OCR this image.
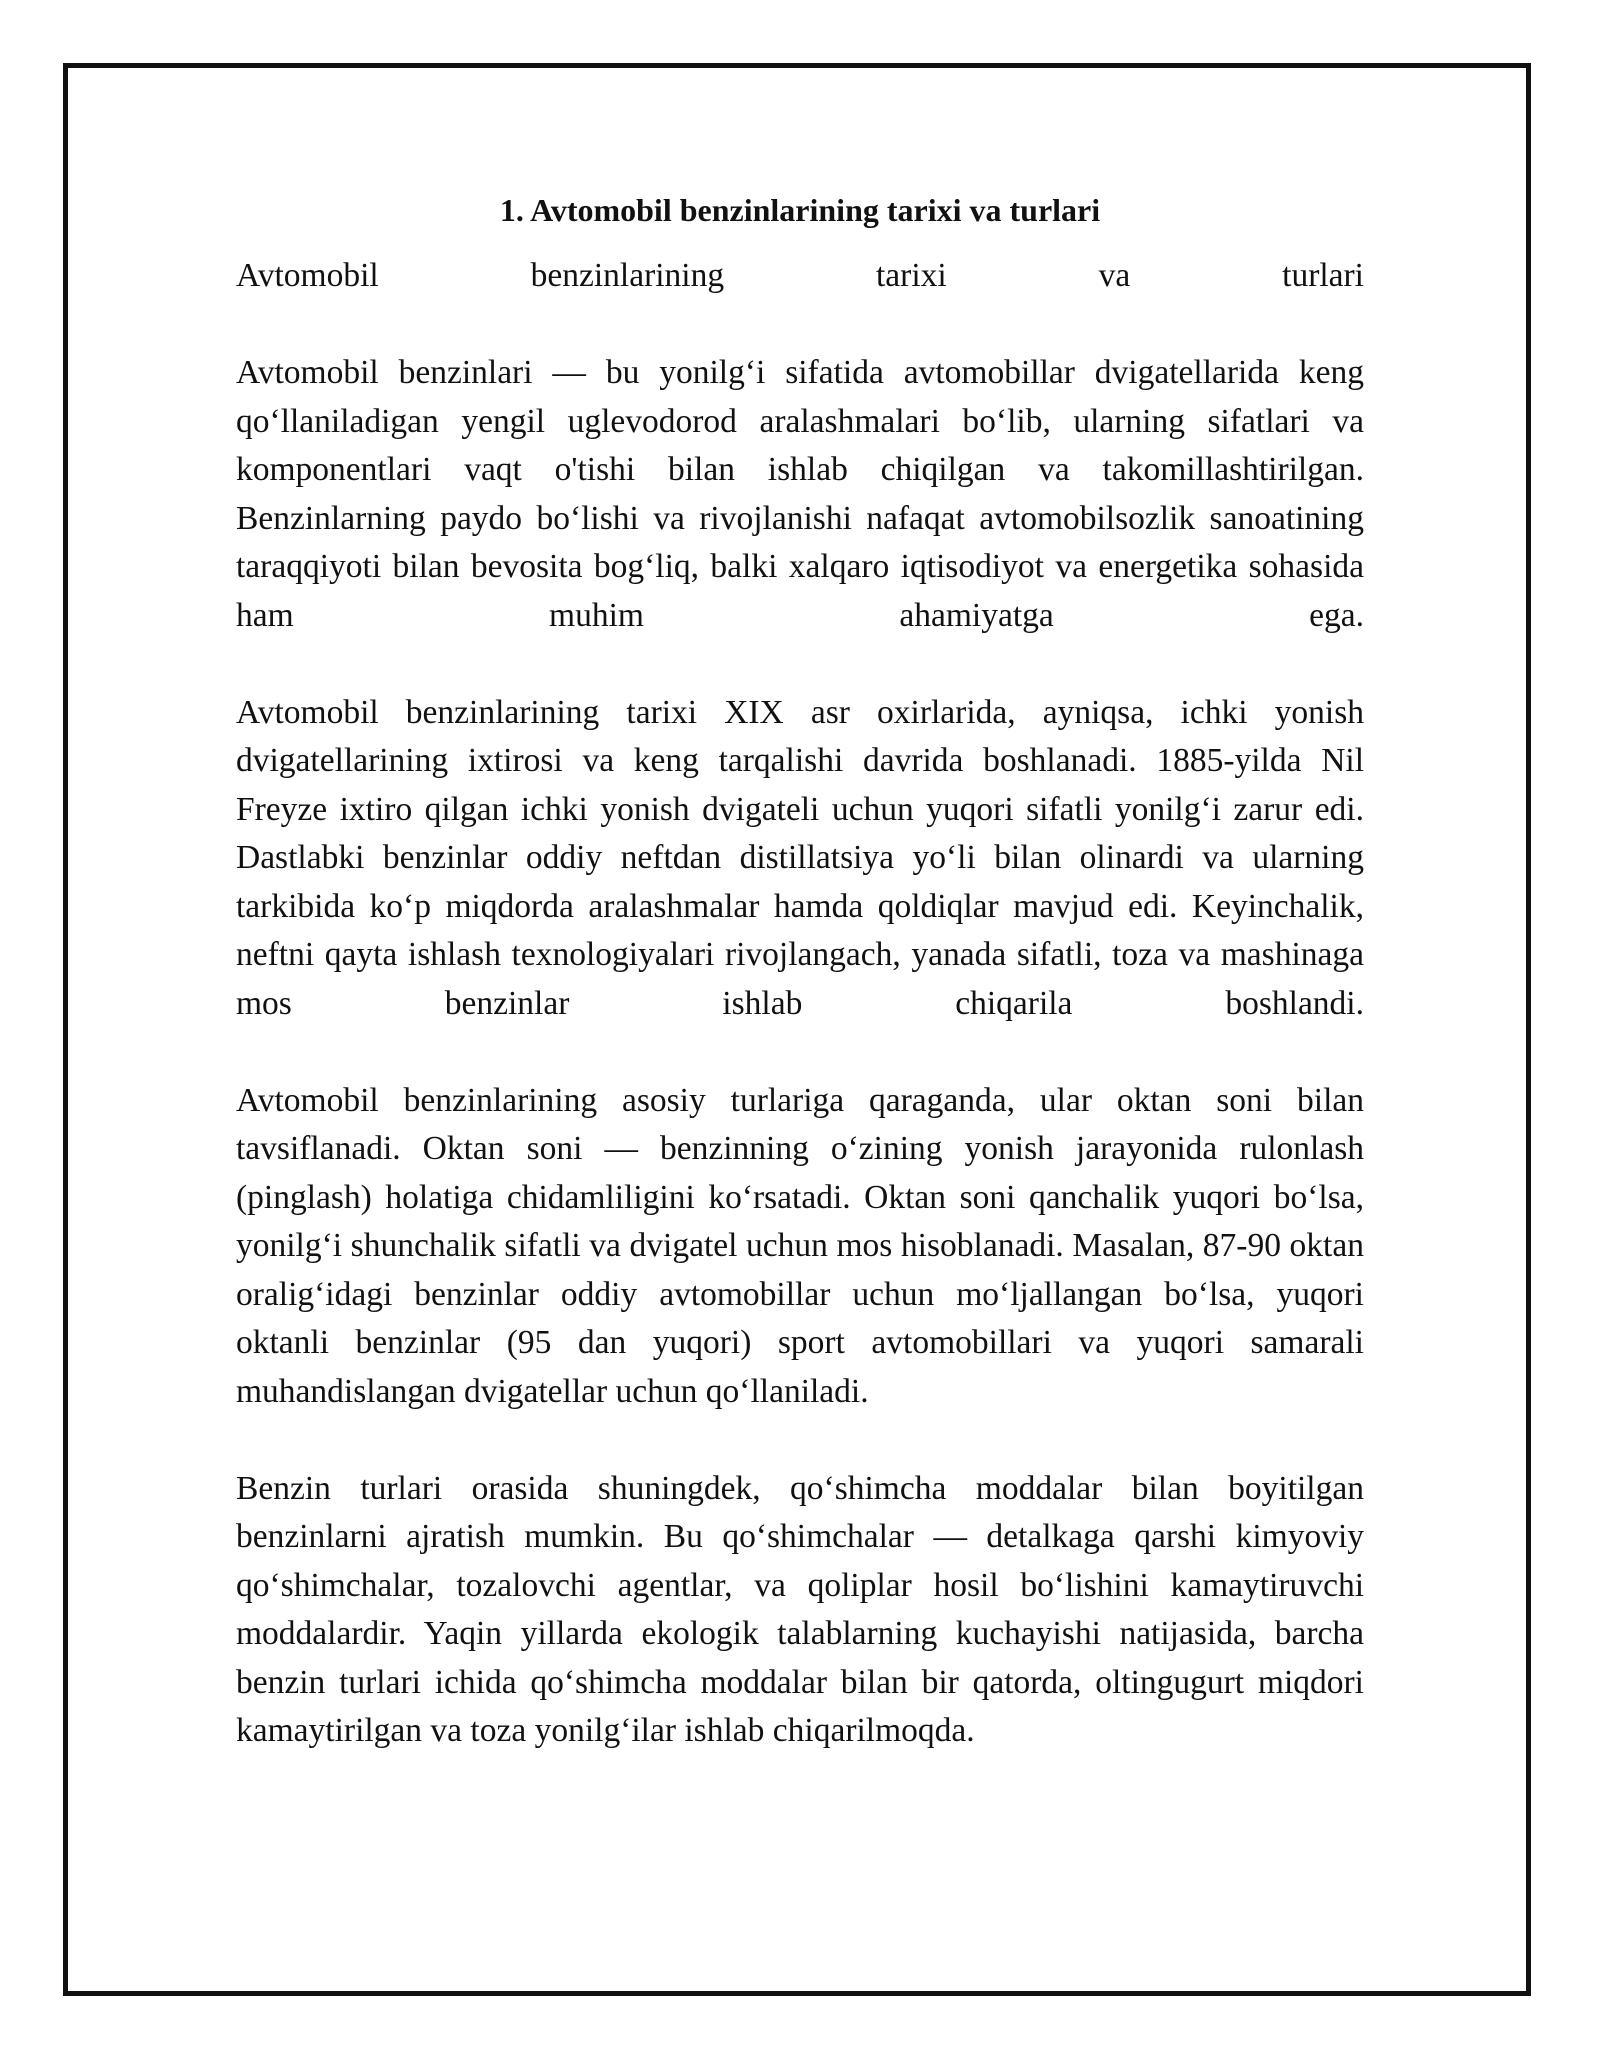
1. Avtomobil benzinlarining tarixi va turlari
Avtomobil	benzinlarining	tarixi	va	turlari

Avtomobil benzinlari — bu yonilg‘i sifatida avtomobillar dvigatellarida keng qo‘llaniladigan yengil uglevodorod aralashmalari bo‘lib, ularning sifatlari va komponentlari vaqt o'tishi bilan ishlab chiqilgan va takomillashtirilgan. Benzinlarning paydo bo‘lishi va rivojlanishi nafaqat avtomobilsozlik sanoatining taraqqiyoti bilan bevosita bog‘liq, balki xalqaro iqtisodiyot va energetika sohasida ham muhim ahamiyatga ega.

Avtomobil benzinlarining tarixi XIX asr oxirlarida, ayniqsa, ichki yonish dvigatellarining ixtirosi va keng tarqalishi davrida boshlanadi. 1885-yilda Nil Freyze ixtiro qilgan ichki yonish dvigateli uchun yuqori sifatli yonilg‘i zarur edi. Dastlabki benzinlar oddiy neftdan distillatsiya yo‘li bilan olinardi va ularning tarkibida ko‘p miqdorda aralashmalar hamda qoldiqlar mavjud edi. Keyinchalik, neftni qayta ishlash texnologiyalari rivojlangach, yanada sifatli, toza va mashinaga mos benzinlar ishlab chiqarila boshlandi.

Avtomobil benzinlarining asosiy turlariga qaraganda, ular oktan soni bilan tavsiflanadi. Oktan soni — benzinning o‘zining yonish jarayonida rulonlash (pinglash) holatiga chidamliligini ko‘rsatadi. Oktan soni qanchalik yuqori bo‘lsa, yonilg‘i shunchalik sifatli va dvigatel uchun mos hisoblanadi. Masalan, 87-90 oktan oralig‘idagi benzinlar oddiy avtomobillar uchun mo‘ljallangan bo‘lsa, yuqori oktanli benzinlar (95 dan yuqori) sport avtomobillari va yuqori samarali muhandislangan dvigatellar uchun qo‘llaniladi.

Benzin turlari orasida shuningdek, qo‘shimcha moddalar bilan boyitilgan benzinlarni ajratish mumkin. Bu qo‘shimchalar — detalkaga qarshi kimyoviy qo‘shimchalar, tozalovchi agentlar, va qoliplar hosil bo‘lishini kamaytiruvchi moddalardir. Yaqin yillarda ekologik talablarning kuchayishi natijasida, barcha benzin turlari ichida qo‘shimcha moddalar bilan bir qatorda, oltingugurt miqdori kamaytirilgan va toza yonilg‘ilar ishlab chiqarilmoqda.
